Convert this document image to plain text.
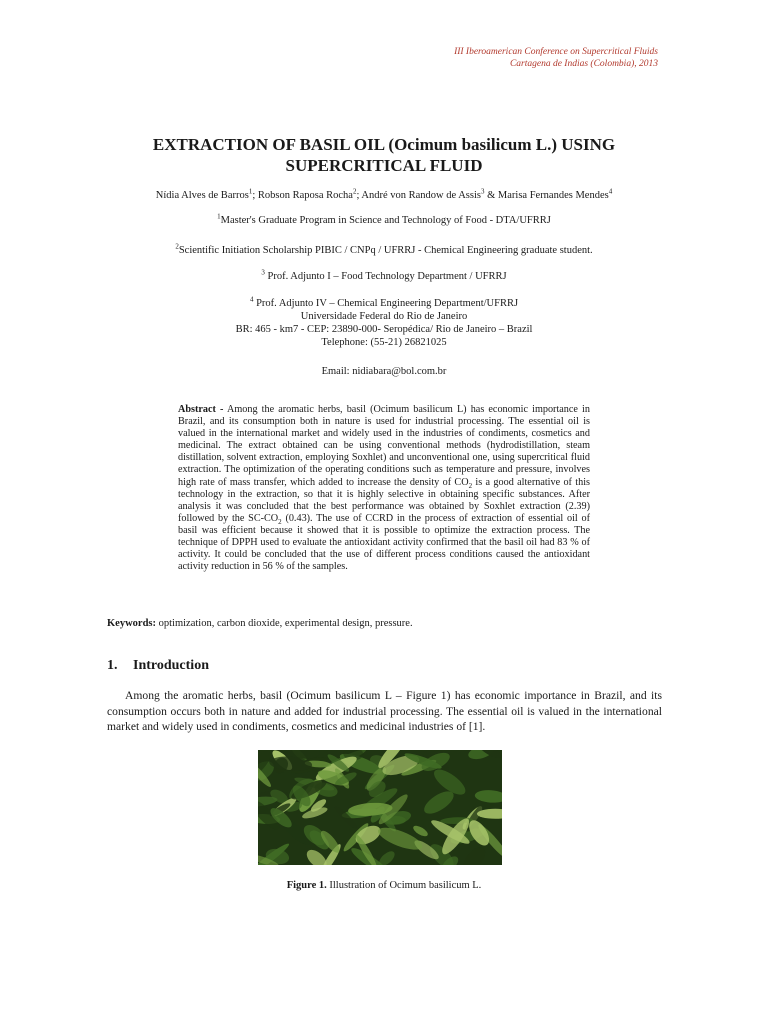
III Iberoamerican Conference on Supercritical Fluids
Cartagena de Indias (Colombia), 2013
EXTRACTION OF BASIL OIL (Ocimum basilicum L.) USING
SUPERCRITICAL FLUID
Nídia Alves de Barros$^1$; Robson Raposa Rocha$^2$; André von Randow de Assis$^3$ & Marisa Fernandes Mendes$^4$
$^1$Master's Graduate Program in Science and Technology of Food - DTA/UFRRJ
$^2$Scientific Initiation Scholarship PIBIC / CNPq / UFRRJ - Chemical Engineering graduate student.
$^3$ Prof. Adjunto I – Food Technology Department / UFRRJ
$^4$ Prof. Adjunto IV – Chemical Engineering Department/UFRRJ
Universidade Federal do Rio de Janeiro
BR: 465 - km7 - CEP: 23890-000- Seropédica/ Rio de Janeiro – Brazil
Telephone: (55-21) 26821025
Email: nidiabara@bol.com.br
Abstract - Among the aromatic herbs, basil (Ocimum basilicum L) has economic importance in Brazil, and its consumption both in nature is used for industrial processing. The essential oil is valued in the international market and widely used in the industries of condiments, cosmetics and medicinal. The extract obtained can be using conventional methods (hydrodistillation, steam distillation, solvent extraction, employing Soxhlet) and unconventional one, using supercritical fluid extraction. The optimization of the operating conditions such as temperature and pressure, involves high rate of mass transfer, which added to increase the density of $CO_2$ is a good alternative of this technology in the extraction, so that it is highly selective in obtaining specific substances. After analysis it was concluded that the best performance was obtained by Soxhlet extraction (2.39) followed by the $SC-CO_2$ (0.43). The use of CCRD in the process of extraction of essential oil of basil was efficient because it showed that it is possible to optimize the extraction process. The technique of DPPH used to evaluate the antioxidant activity confirmed that the basil oil had 83 % of activity. It could be concluded that the use of different process conditions caused the antioxidant activity reduction in 56 % of the samples.
Keywords: optimization, carbon dioxide, experimental design, pressure.
1. Introduction
Among the aromatic herbs, basil (Ocimum basilicum L – Figure 1) has economic importance in Brazil, and its consumption occurs both in nature and added for industrial processing. The essential oil is valued in the international market and widely used in condiments, cosmetics and medicinal industries of [1].
Figure 1. Illustration of Ocimum basilicum L.
